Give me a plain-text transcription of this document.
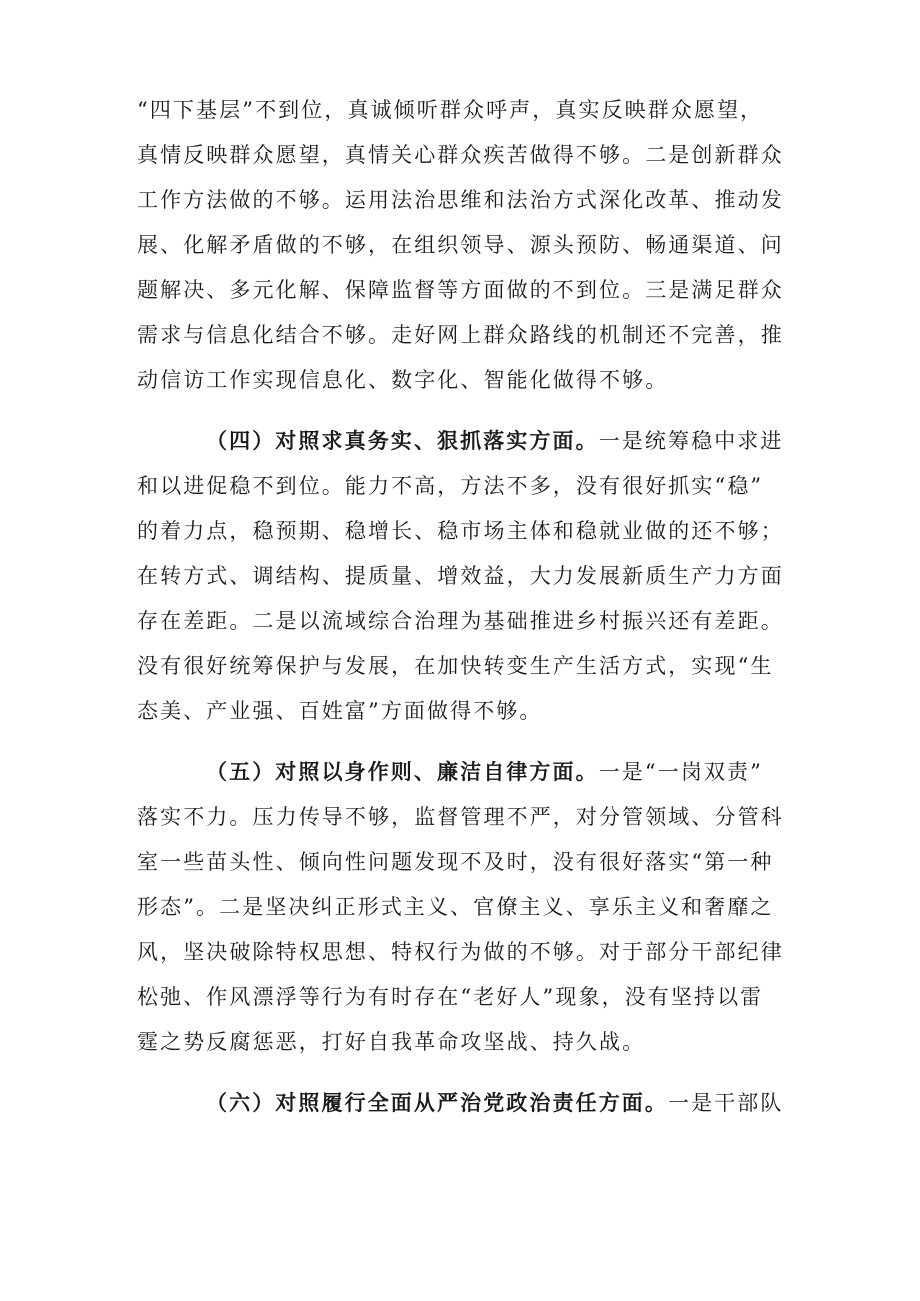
“四下基层”不到位，真诚倾听群众呼声，真实反映群众愿望，

真情反映群众愿望，真情关心群众疾苦做得不够。二是创新群众

工作方法做的不够。运用法治思维和法治方式深化改革、推动发

展、化解矛盾做的不够，在组织领导、源头预防、畅通渠道、问

题解决、多元化解、保障监督等方面做的不到位。三是满足群众

需求与信息化结合不够。走好网上群众路线的机制还不完善，推

动信访工作实现信息化、数字化、智能化做得不够。

（四）对照求真务实、狠抓落实方面。一是统筹稳中求进

和以进促稳不到位。能力不高，方法不多，没有很好抓实“稳”

的着力点，稳预期、稳增长、稳市场主体和稳就业做的还不够；

在转方式、调结构、提质量、增效益，大力发展新质生产力方面

存在差距。二是以流域综合治理为基础推进乡村振兴还有差距。

没有很好统筹保护与发展，在加快转变生产生活方式，实现“生

态美、产业强、百姓富”方面做得不够。

（五）对照以身作则、廉洁自律方面。一是“一岗双责”

落实不力。压力传导不够，监督管理不严，对分管领域、分管科

室一些苗头性、倾向性问题发现不及时，没有很好落实“第一种

形态”。二是坚决纠正形式主义、官僚主义、享乐主义和奢靡之

风，坚决破除特权思想、特权行为做的不够。对于部分干部纪律

松弛、作风漂浮等行为有时存在“老好人”现象，没有坚持以雷

霆之势反腐惩恶，打好自我革命攻坚战、持久战。

（六）对照履行全面从严治党政治责任方面。一是干部队
